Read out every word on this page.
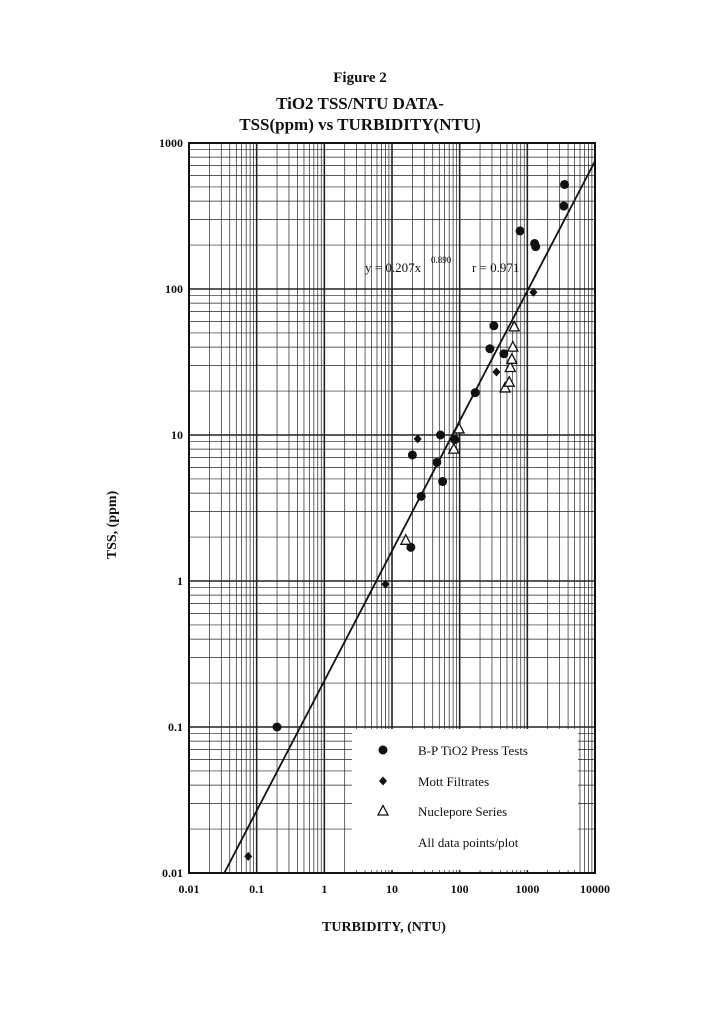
Figure 2
TiO2 TSS/NTU DATA-
TSS(ppm) vs TURBIDITY(NTU)
0.01	0.1	1	10	100	1000	10000
0.01
0.1
1
10
100
1000
y = 0.207x 0.890 r = 0.971
B-P TiO2 Press Tests
Mott Filtrates
Nuclepore Series
All data points/plot
TURBIDITY, (NTU)
TSS, (ppm)
